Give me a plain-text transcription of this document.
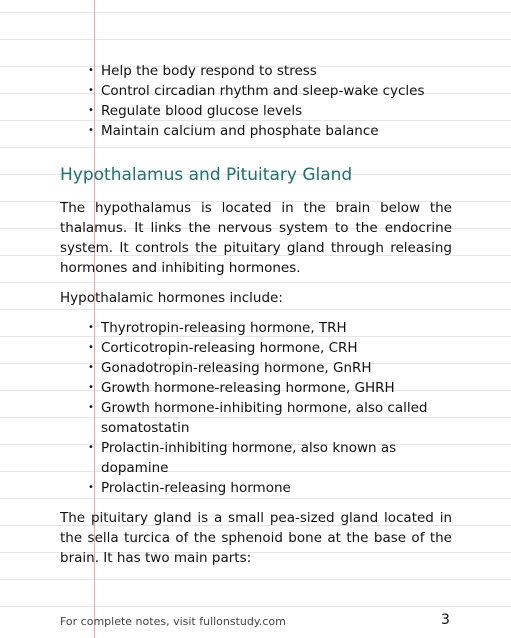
• Help the body respond to stress
• Control circadian rhythm and sleep-wake cycles
• Regulate blood glucose levels
• Maintain calcium and phosphate balance
Hypothalamus and Pituitary Gland

The hypothalamus is located in the brain below the thalamus. It links the nervous system to the endocrine system. It controls the pituitary gland through releasing hormones and inhibiting hormones.

Hypothalamic hormones include:

• Thyrotropin-releasing hormone, TRH
• Corticotropin-releasing hormone, CRH
• Gonadotropin-releasing hormone, GnRH
• Growth hormone-releasing hormone, GHRH
• Growth hormone-inhibiting hormone, also called somatostatin
• Prolactin-inhibiting hormone, also known as dopamine
• Prolactin-releasing hormone

The pituitary gland is a small pea-sized gland located in the sella turcica of the sphenoid bone at the base of the brain. It has two main parts:

For complete notes, visit fullonstudy.com	3
